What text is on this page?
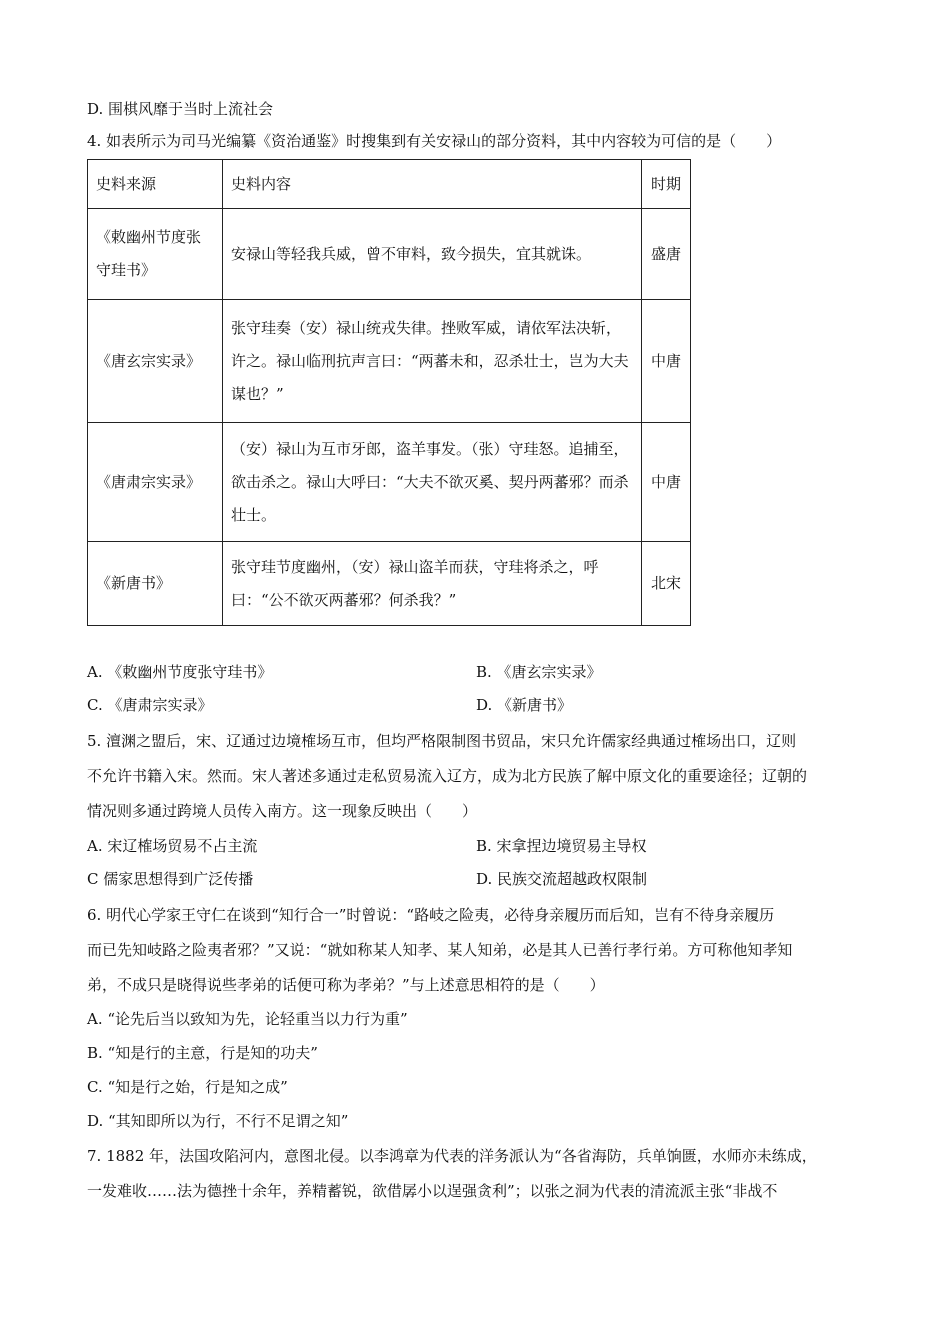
D. 围棋风靡于当时上流社会
4. 如表所示为司马光编纂《资治通鉴》时搜集到有关安禄山的部分资料，其中内容较为可信的是（　　）
史料来源	史料内容	时期
《敕幽州节度张守珪书》	安禄山等轻我兵威，曾不审料，致今损失，宜其就诛。	盛唐
《唐玄宗实录》	张守珪奏（安）禄山统戎失律。挫败军威，请依军法决斩，许之。禄山临刑抗声言曰：“两蕃未和，忍杀壮士，岂为大夫谋也？”	中唐
《唐肃宗实录》	（安）禄山为互市牙郎，盗羊事发。（张）守珪怒。追捕至，欲击杀之。禄山大呼曰：“大夫不欲灭奚、契丹两蕃邪？而杀壮士。	中唐
《新唐书》	张守珪节度幽州，（安）禄山盗羊而获，守珪将杀之，呼曰：“公不欲灭两蕃邪？何杀我？”	北宋
A. 《敕幽州节度张守珪书》	B. 《唐玄宗实录》
C. 《唐肃宗实录》	D. 《新唐书》
5. 澶渊之盟后，宋、辽通过边境榷场互市，但均严格限制图书贸品，宋只允许儒家经典通过榷场出口，辽则
不允许书籍入宋。然而。宋人著述多通过走私贸易流入辽方，成为北方民族了解中原文化的重要途径；辽朝的
情况则多通过跨境人员传入南方。这一现象反映出（　　）
A. 宋辽榷场贸易不占主流	B. 宋拿捏边境贸易主导权
C 儒家思想得到广泛传播	D. 民族交流超越政权限制
6. 明代心学家王守仁在谈到“知行合一”时曾说：“路岐之险夷，必待身亲履历而后知，岂有不待身亲履历
而已先知岐路之险夷者邪？”又说：“就如称某人知孝、某人知弟，必是其人已善行孝行弟。方可称他知孝知
弟，不成只是晓得说些孝弟的话便可称为孝弟？”与上述意思相符的是（　　）
A. “论先后当以致知为先，论轻重当以力行为重”
B. “知是行的主意，行是知的功夫”
C. “知是行之始，行是知之成”
D. “其知即所以为行，不行不足谓之知”
7. 1882 年，法国攻陷河内，意图北侵。以李鸿章为代表的洋务派认为“各省海防，兵单饷匮，水师亦未练成，
一发难收……法为德挫十余年，养精蓄锐，欲借孱小以逞强贪利”；以张之洞为代表的清流派主张“非战不
